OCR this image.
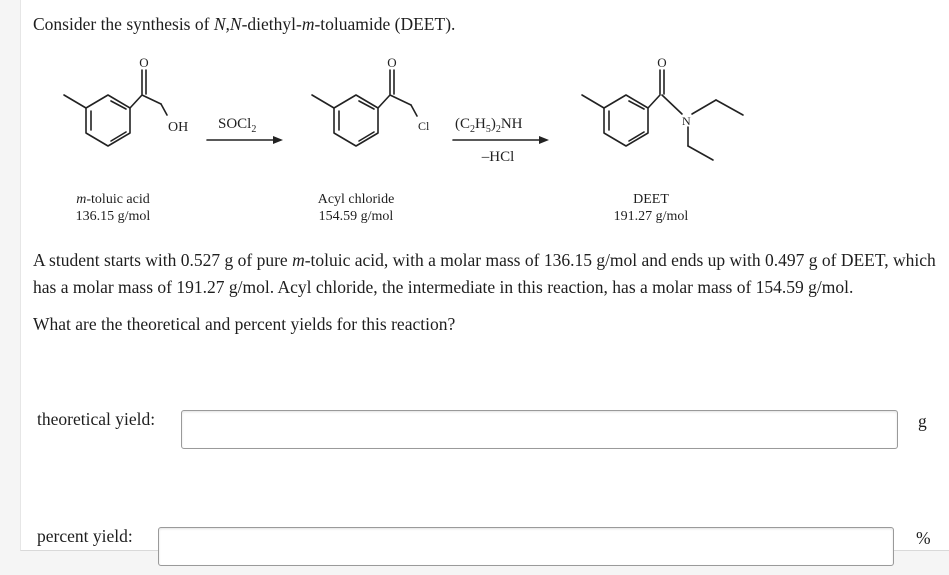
Consider the synthesis of N,N-diethyl-m-toluamide (DEET).
O	O	O
OH	Cl	N
SOCl$_2$	$(C_2H_5)_2NH$
–HCl
m-toluic acid
136.15 g/mol
Acyl chloride
154.59 g/mol
DEET
191.27 g/mol

A student starts with 0.527 g of pure m-toluic acid, with a molar mass of 136.15 g/mol and ends up with 0.497 g of DEET, which has a molar mass of 191.27 g/mol. Acyl chloride, the intermediate in this reaction, has a molar mass of 154.59 g/mol.

What are the theoretical and percent yields for this reaction?

theoretical yield:	g
percent yield:	%
